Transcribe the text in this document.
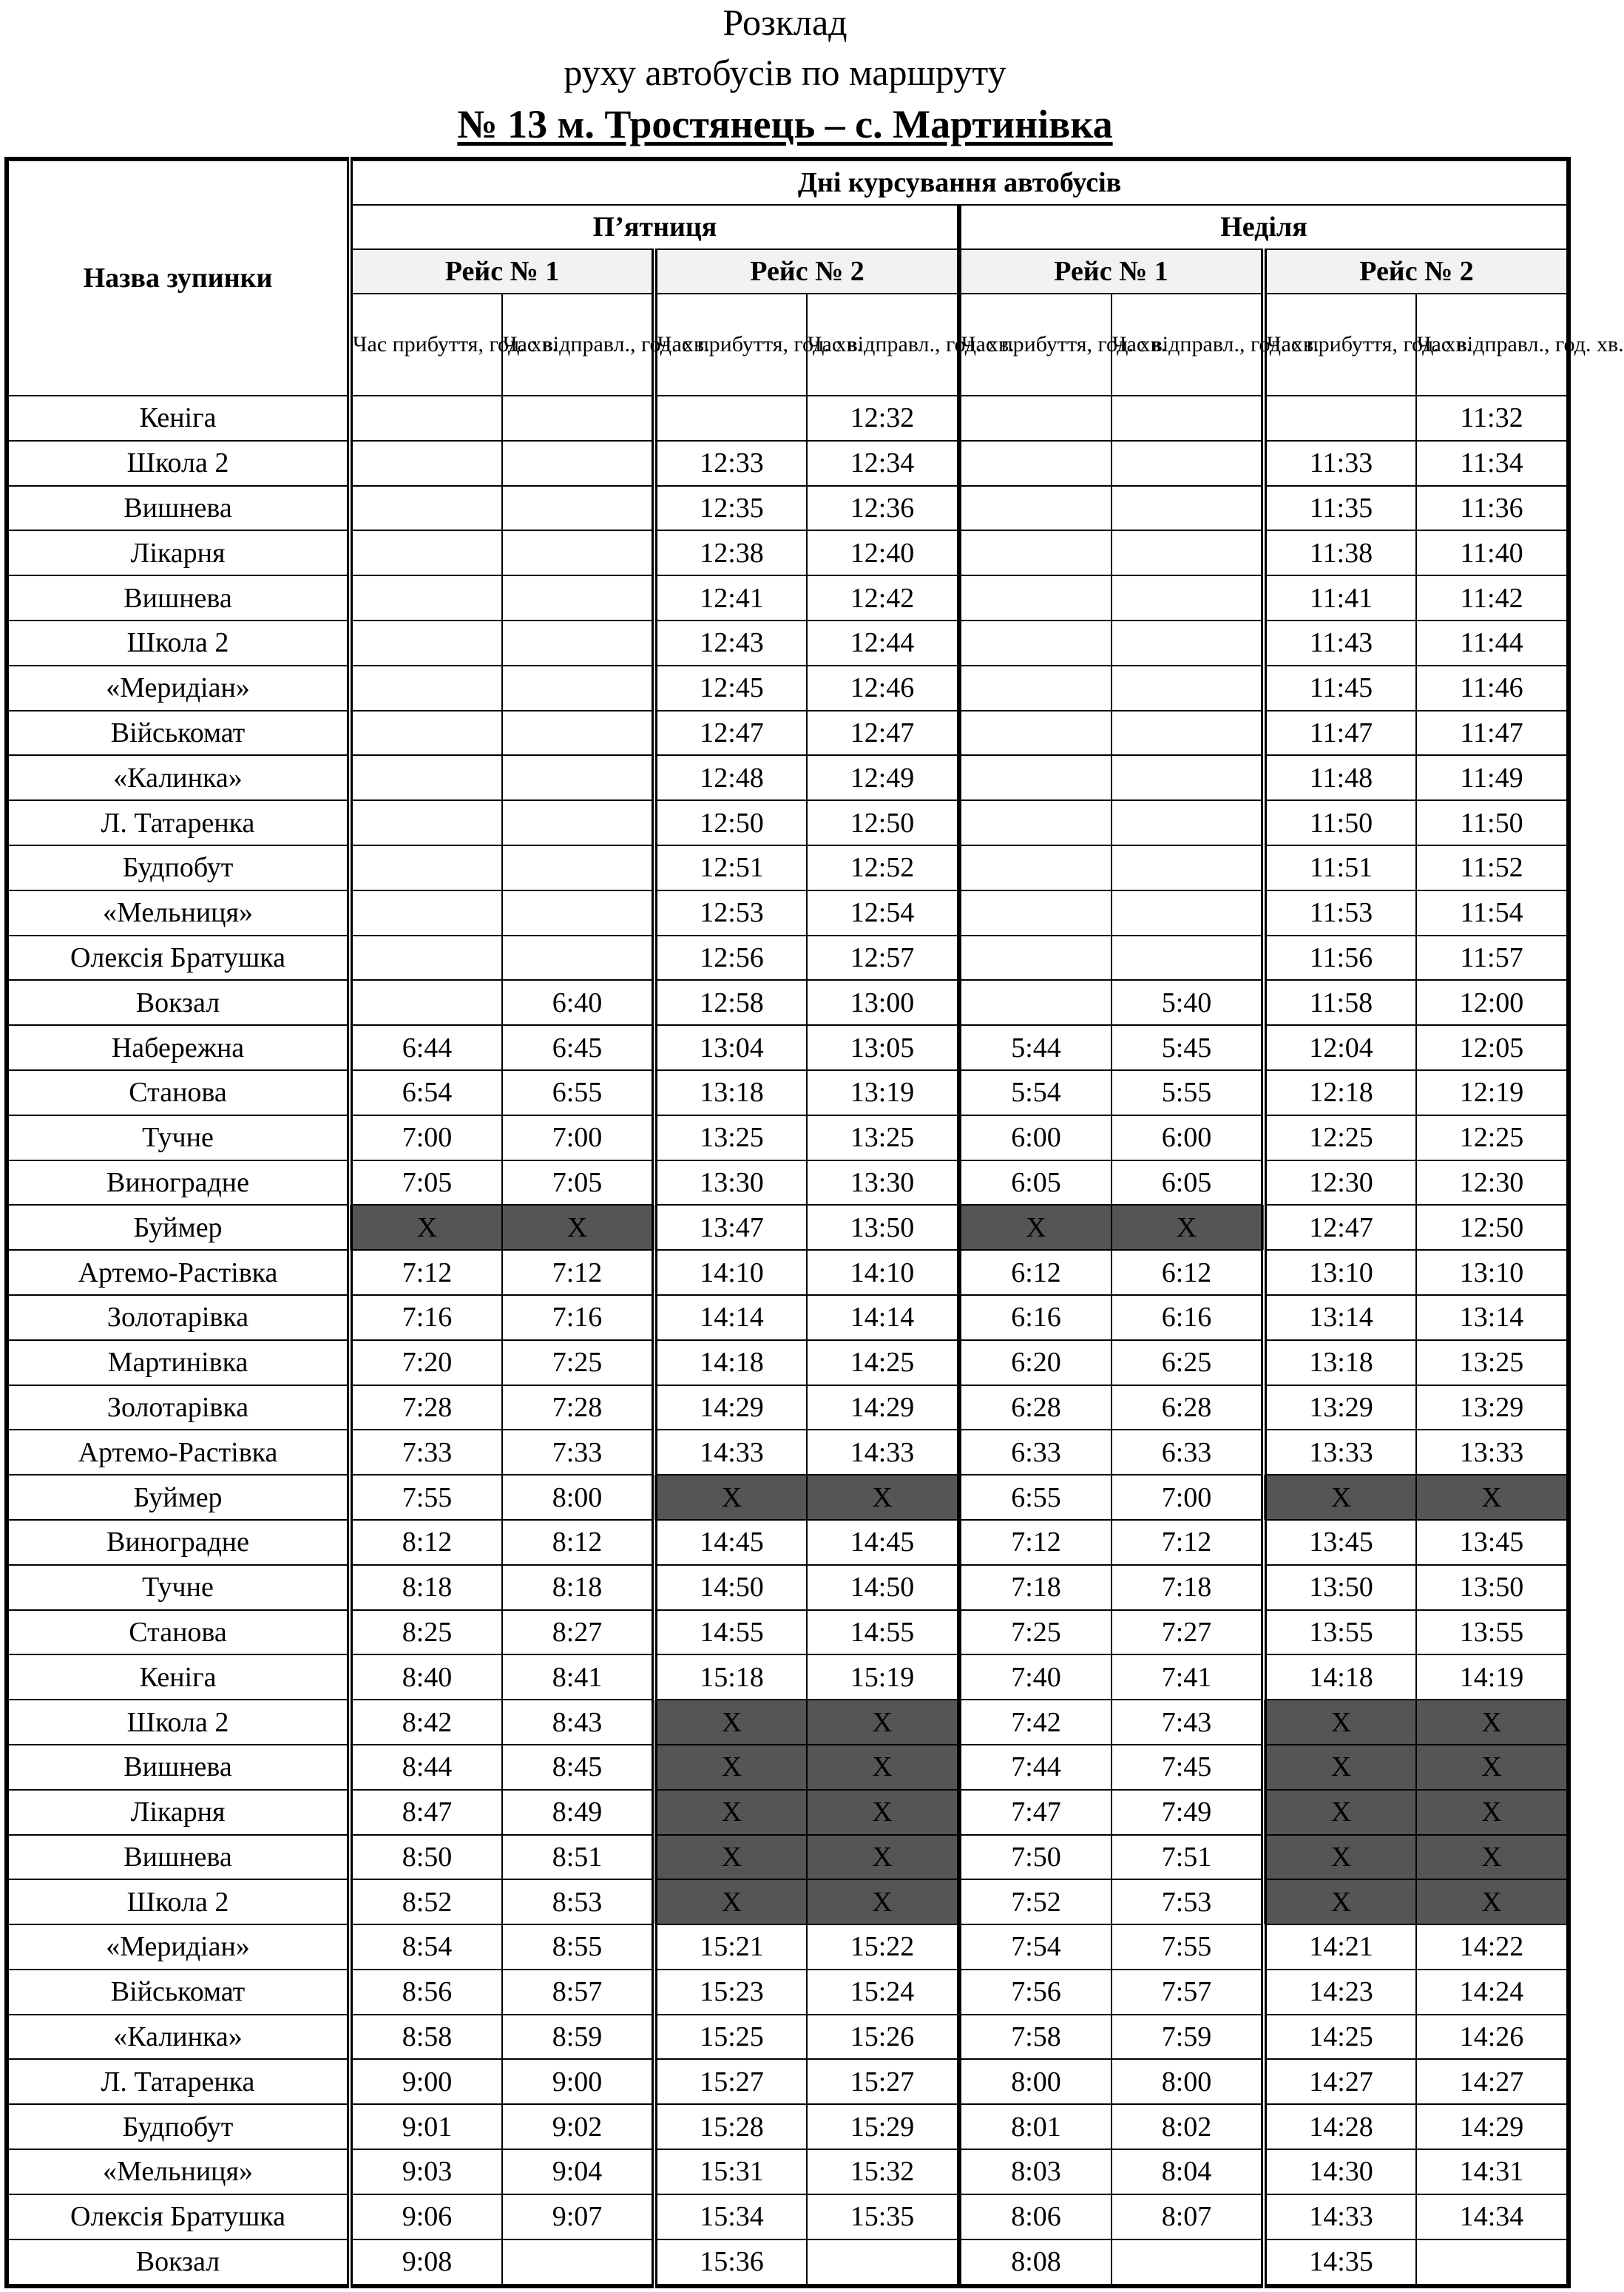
Розклад
руху автобусів по маршруту
№ 13 м. Тростянець – с. Мартинівка
Назва зупинки	Дні курсування автобусів							
	П’ятниця				Неділя			
	Рейс № 1		Рейс № 2		Рейс № 1		Рейс № 2	
	Час прибуття, год. хв.	Час відправл., год. хв.	Час прибуття, год. хв.	Час відправл., год. хв.	Час прибуття, год. хв.	Час відправл., год. хв.	Час прибуття, год. хв.	Час відправл., год. хв.
Кеніга				12:32				11:32
Школа 2			12:33	12:34			11:33	11:34
Вишнева			12:35	12:36			11:35	11:36
Лікарня			12:38	12:40			11:38	11:40
Вишнева			12:41	12:42			11:41	11:42
Школа 2			12:43	12:44			11:43	11:44
«Меридіан»			12:45	12:46			11:45	11:46
Військомат			12:47	12:47			11:47	11:47
«Калинка»			12:48	12:49			11:48	11:49
Л. Татаренка			12:50	12:50			11:50	11:50
Будпобут			12:51	12:52			11:51	11:52
«Мельниця»			12:53	12:54			11:53	11:54
Олексія Братушка			12:56	12:57			11:56	11:57
Вокзал		6:40	12:58	13:00		5:40	11:58	12:00
Набережна	6:44	6:45	13:04	13:05	5:44	5:45	12:04	12:05
Станова	6:54	6:55	13:18	13:19	5:54	5:55	12:18	12:19
Тучне	7:00	7:00	13:25	13:25	6:00	6:00	12:25	12:25
Виноградне	7:05	7:05	13:30	13:30	6:05	6:05	12:30	12:30
Буймер	X	X	13:47	13:50	X	X	12:47	12:50
Артемо-Растівка	7:12	7:12	14:10	14:10	6:12	6:12	13:10	13:10
Золотарівка	7:16	7:16	14:14	14:14	6:16	6:16	13:14	13:14
Мартинівка	7:20	7:25	14:18	14:25	6:20	6:25	13:18	13:25
Золотарівка	7:28	7:28	14:29	14:29	6:28	6:28	13:29	13:29
Артемо-Растівка	7:33	7:33	14:33	14:33	6:33	6:33	13:33	13:33
Буймер	7:55	8:00	X	X	6:55	7:00	X	X
Виноградне	8:12	8:12	14:45	14:45	7:12	7:12	13:45	13:45
Тучне	8:18	8:18	14:50	14:50	7:18	7:18	13:50	13:50
Станова	8:25	8:27	14:55	14:55	7:25	7:27	13:55	13:55
Кеніга	8:40	8:41	15:18	15:19	7:40	7:41	14:18	14:19
Школа 2	8:42	8:43	X	X	7:42	7:43	X	X
Вишнева	8:44	8:45	X	X	7:44	7:45	X	X
Лікарня	8:47	8:49	X	X	7:47	7:49	X	X
Вишнева	8:50	8:51	X	X	7:50	7:51	X	X
Школа 2	8:52	8:53	X	X	7:52	7:53	X	X
«Меридіан»	8:54	8:55	15:21	15:22	7:54	7:55	14:21	14:22
Військомат	8:56	8:57	15:23	15:24	7:56	7:57	14:23	14:24
«Калинка»	8:58	8:59	15:25	15:26	7:58	7:59	14:25	14:26
Л. Татаренка	9:00	9:00	15:27	15:27	8:00	8:00	14:27	14:27
Будпобут	9:01	9:02	15:28	15:29	8:01	8:02	14:28	14:29
«Мельниця»	9:03	9:04	15:31	15:32	8:03	8:04	14:30	14:31
Олексія Братушка	9:06	9:07	15:34	15:35	8:06	8:07	14:33	14:34
Вокзал	9:08		15:36		8:08		14:35	
